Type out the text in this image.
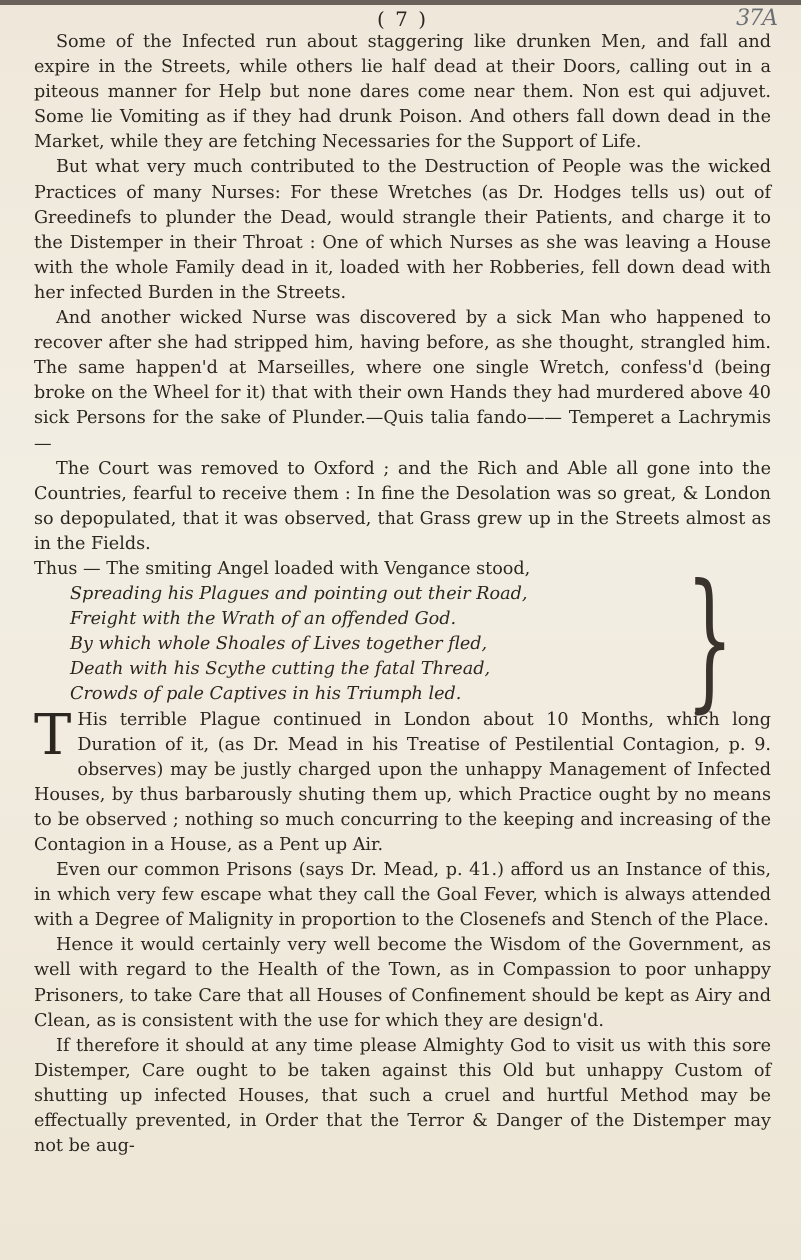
( 7 )	37A

Some of the Infected run about staggering like drunken Men, and fall and expire in the Streets, while others lie half dead at their Doors, calling out in a piteous manner for Help but none dares come near them. Non est qui adjuvet. Some lie Vomiting as if they had drunk Poison. And others fall down dead in the Market, while they are fetching Necessaries for the Support of Life.

But what very much contributed to the Destruction of People was the wicked Practices of many Nurses: For these Wretches (as Dr. Hodges tells us) out of Greedinefs to plunder the Dead, would strangle their Patients, and charge it to the Distemper in their Throat : One of which Nurses as she was leaving a House with the whole Family dead in it, loaded with her Robberies, fell down dead with her infected Burden in the Streets.

And another wicked Nurse was discovered by a sick Man who happened to recover after she had stripped him, having before, as she thought, strangled him. The same happen'd at Marseilles, where one single Wretch, confess'd (being broke on the Wheel for it) that with their own Hands they had murdered above 40 sick Persons for the sake of Plunder.—Quis talia fando—— Temperet a Lachrymis—

The Court was removed to Oxford ; and the Rich and Able all gone into the Countries, fearful to receive them : In fine the Desolation was so great, & London so depopulated, that it was observed, that Grass grew up in the Streets almost as in the Fields.

Thus — The smiting Angel loaded with Vengance stood,
Spreading his Plagues and pointing out their Road,
Freight with the Wrath of an offended God.
By which whole Shoales of Lives together fled,
Death with his Scythe cutting the fatal Thread,
Crowds of pale Captives in his Triumph led.	}

T His terrible Plague continued in London about 10 Months, which long Duration of it, (as Dr. Mead in his Treatise of Pestilential Contagion, p. 9. observes) may be justly charged upon the unhappy Management of Infected Houses, by thus barbarously shuting them up, which Practice ought by no means to be observed ; nothing so much concurring to the keeping and increasing of the Contagion in a House, as a Pent up Air.

Even our common Prisons (says Dr. Mead, p. 41.) afford us an Instance of this, in which very few escape what they call the Goal Fever, which is always attended with a Degree of Malignity in proportion to the Closenefs and Stench of the Place.

Hence it would certainly very well become the Wisdom of the Government, as well with regard to the Health of the Town, as in Compassion to poor unhappy Prisoners, to take Care that all Houses of Confinement should be kept as Airy and Clean, as is consistent with the use for which they are design'd.

If therefore it should at any time please Almighty God to visit us with this sore Distemper, Care ought to be taken against this Old but unhappy Custom of shutting up infected Houses, that such a cruel and hurtful Method may be effectually prevented, in Order that the Terror & Danger of the Distemper may not be aug-
